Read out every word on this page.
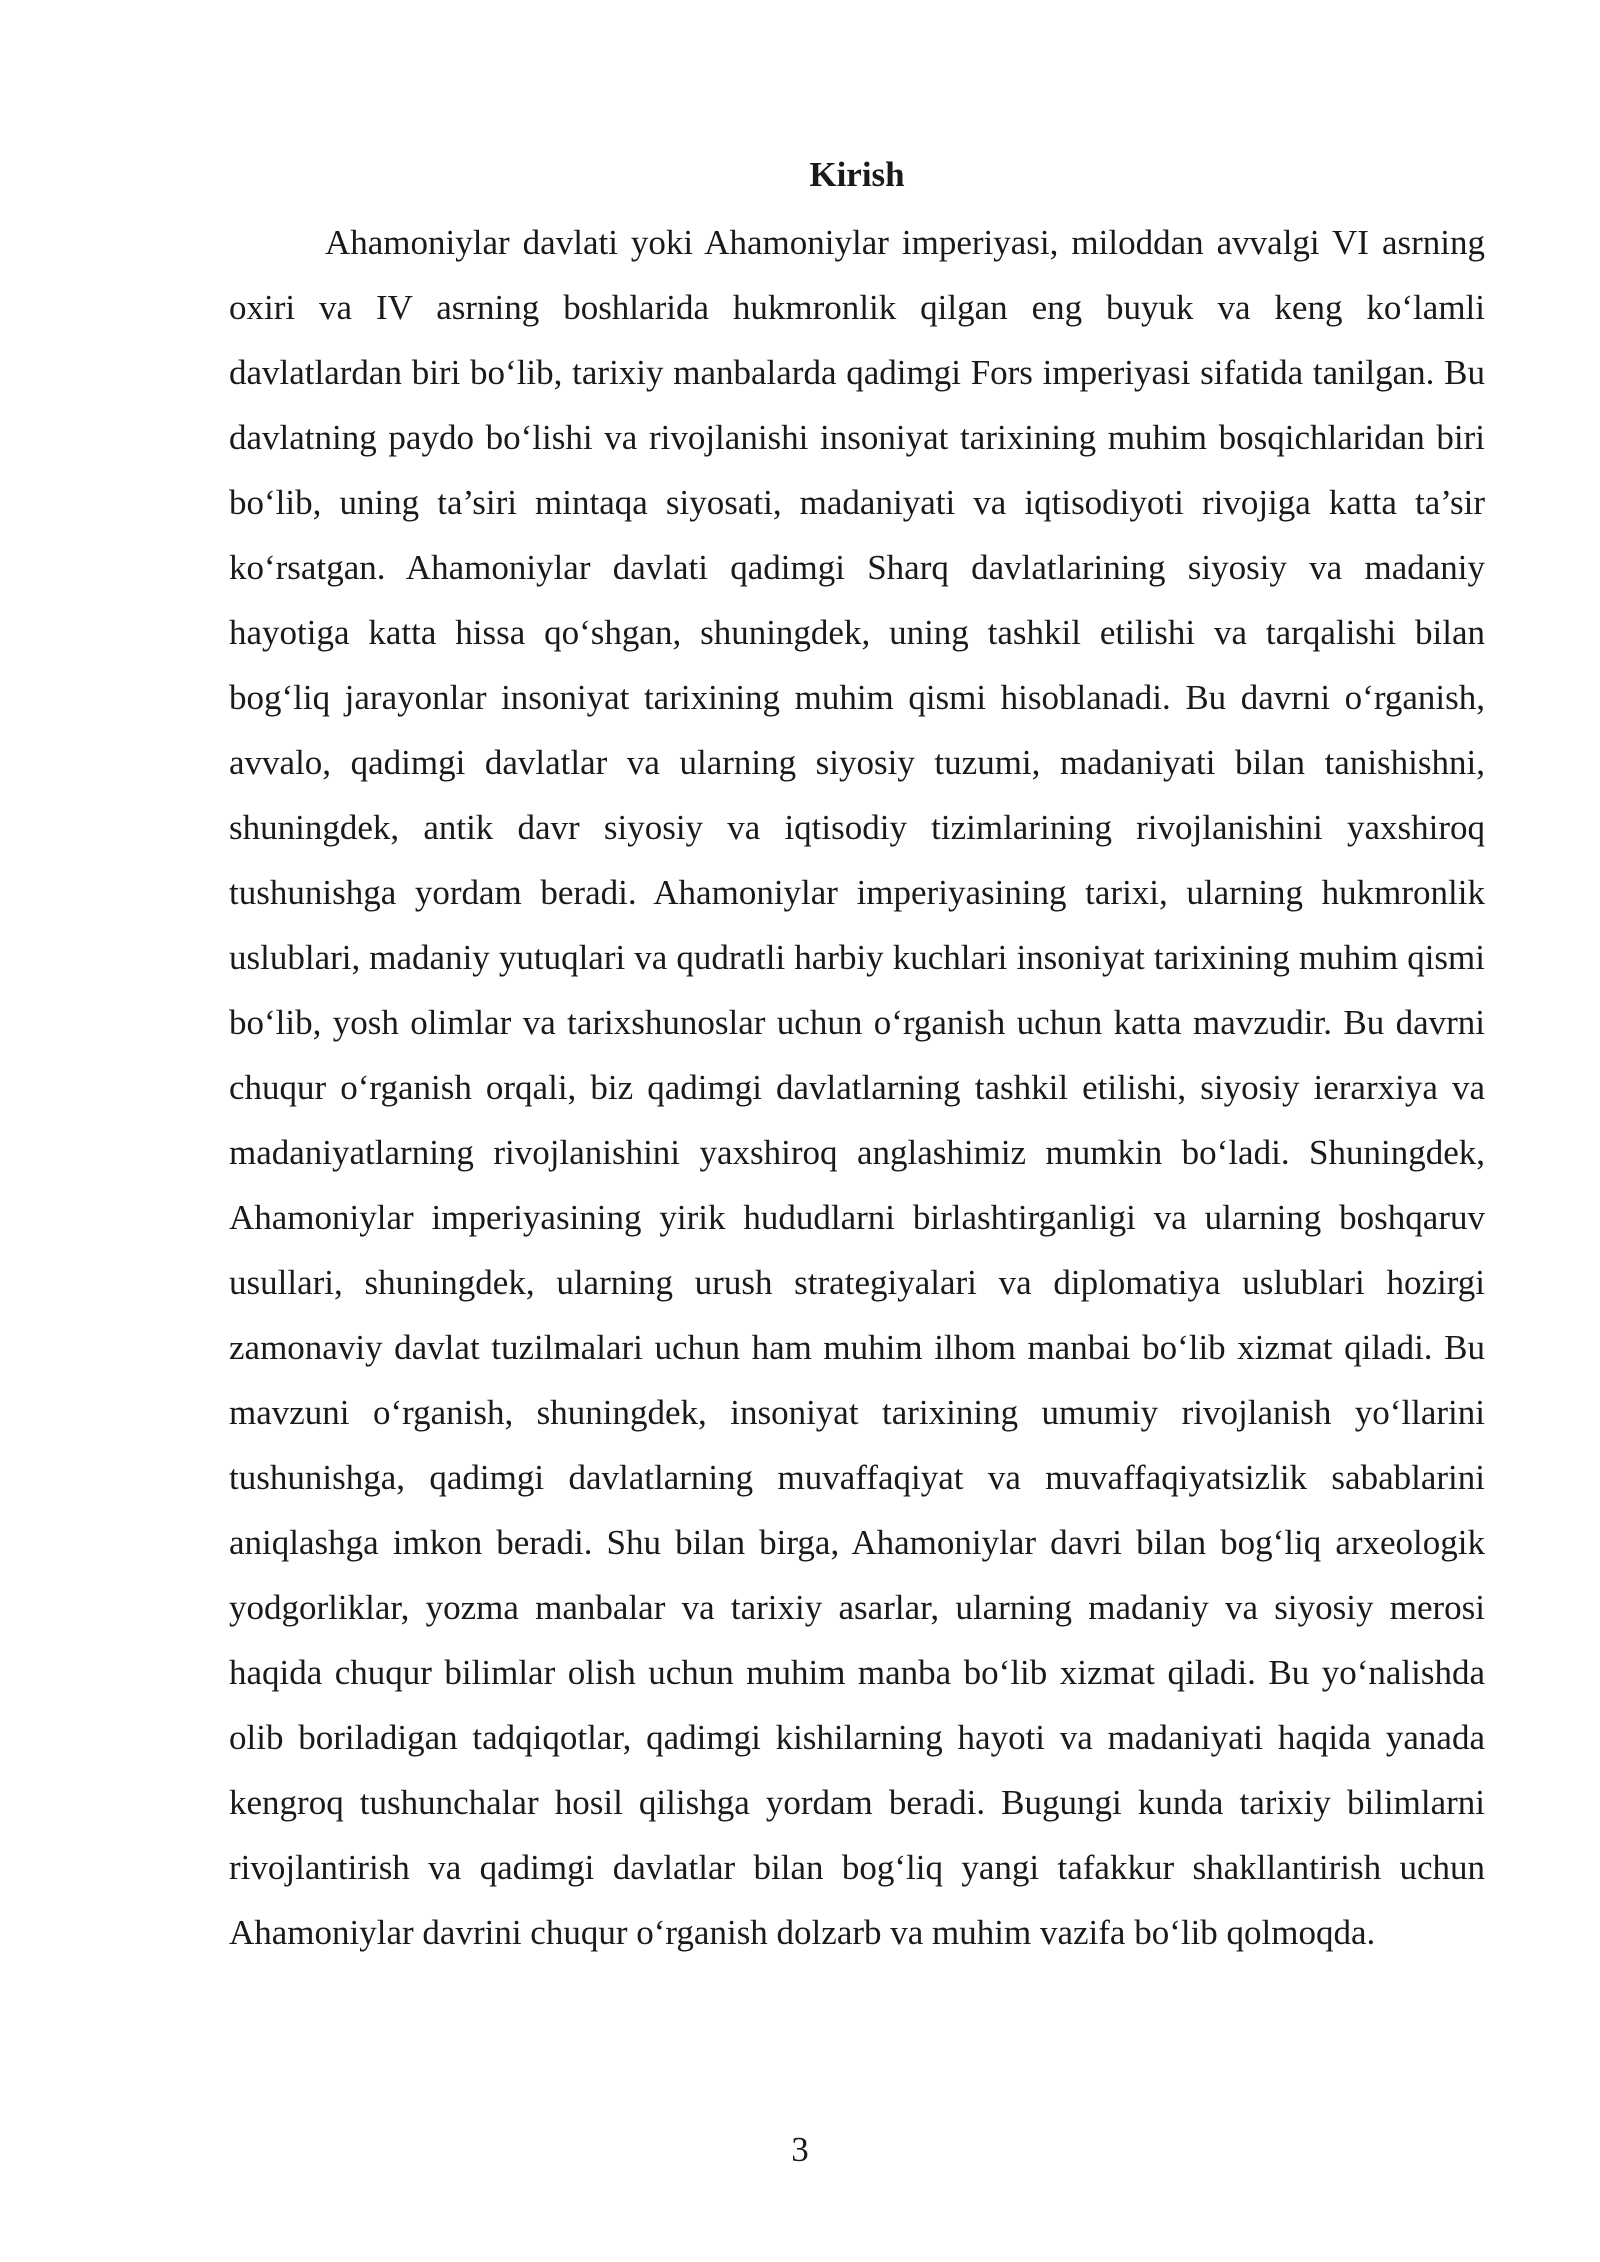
Kirish

Ahamoniylar davlati yoki Ahamoniylar imperiyasi, miloddan avvalgi VI asrning oxiri va IV asrning boshlarida hukmronlik qilgan eng buyuk va keng ko‘lamli davlatlardan biri bo‘lib, tarixiy manbalarda qadimgi Fors imperiyasi sifatida tanilgan. Bu davlatning paydo bo‘lishi va rivojlanishi insoniyat tarixining muhim bosqichlaridan biri bo‘lib, uning ta’siri mintaqa siyosati, madaniyati va iqtisodiyoti rivojiga katta ta’sir ko‘rsatgan. Ahamoniylar davlati qadimgi Sharq davlatlarining siyosiy va madaniy hayotiga katta hissa qo‘shgan, shuningdek, uning tashkil etilishi va tarqalishi bilan bog‘liq jarayonlar insoniyat tarixining muhim qismi hisoblanadi. Bu davrni o‘rganish, avvalo, qadimgi davlatlar va ularning siyosiy tuzumi, madaniyati bilan tanishishni, shuningdek, antik davr siyosiy va iqtisodiy tizimlarining rivojlanishini yaxshiroq tushunishga yordam beradi. Ahamoniylar imperiyasining tarixi, ularning hukmronlik uslublari, madaniy yutuqlari va qudratli harbiy kuchlari insoniyat tarixining muhim qismi bo‘lib, yosh olimlar va tarixshunoslar uchun o‘rganish uchun katta mavzudir. Bu davrni chuqur o‘rganish orqali, biz qadimgi davlatlarning tashkil etilishi, siyosiy ierarxiya va madaniyatlarning rivojlanishini yaxshiroq anglashimiz mumkin bo‘ladi. Shuningdek, Ahamoniylar imperiyasining yirik hududlarni birlashtirganligi va ularning boshqaruv usullari, shuningdek, ularning urush strategiyalari va diplomatiya uslublari hozirgi zamonaviy davlat tuzilmalari uchun ham muhim ilhom manbai bo‘lib xizmat qiladi. Bu mavzuni o‘rganish, shuningdek, insoniyat tarixining umumiy rivojlanish yo‘llarini tushunishga, qadimgi davlatlarning muvaffaqiyat va muvaffaqiyatsizlik sabablarini aniqlashga imkon beradi. Shu bilan birga, Ahamoniylar davri bilan bog‘liq arxeologik yodgorliklar, yozma manbalar va tarixiy asarlar, ularning madaniy va siyosiy merosi haqida chuqur bilimlar olish uchun muhim manba bo‘lib xizmat qiladi. Bu yo‘nalishda olib boriladigan tadqiqotlar, qadimgi kishilarning hayoti va madaniyati haqida yanada kengroq tushunchalar hosil qilishga yordam beradi. Bugungi kunda tarixiy bilimlarni rivojlantirish va qadimgi davlatlar bilan bog‘liq yangi tafakkur shakllantirish uchun Ahamoniylar davrini chuqur o‘rganish dolzarb va muhim vazifa bo‘lib qolmoqda.

3
